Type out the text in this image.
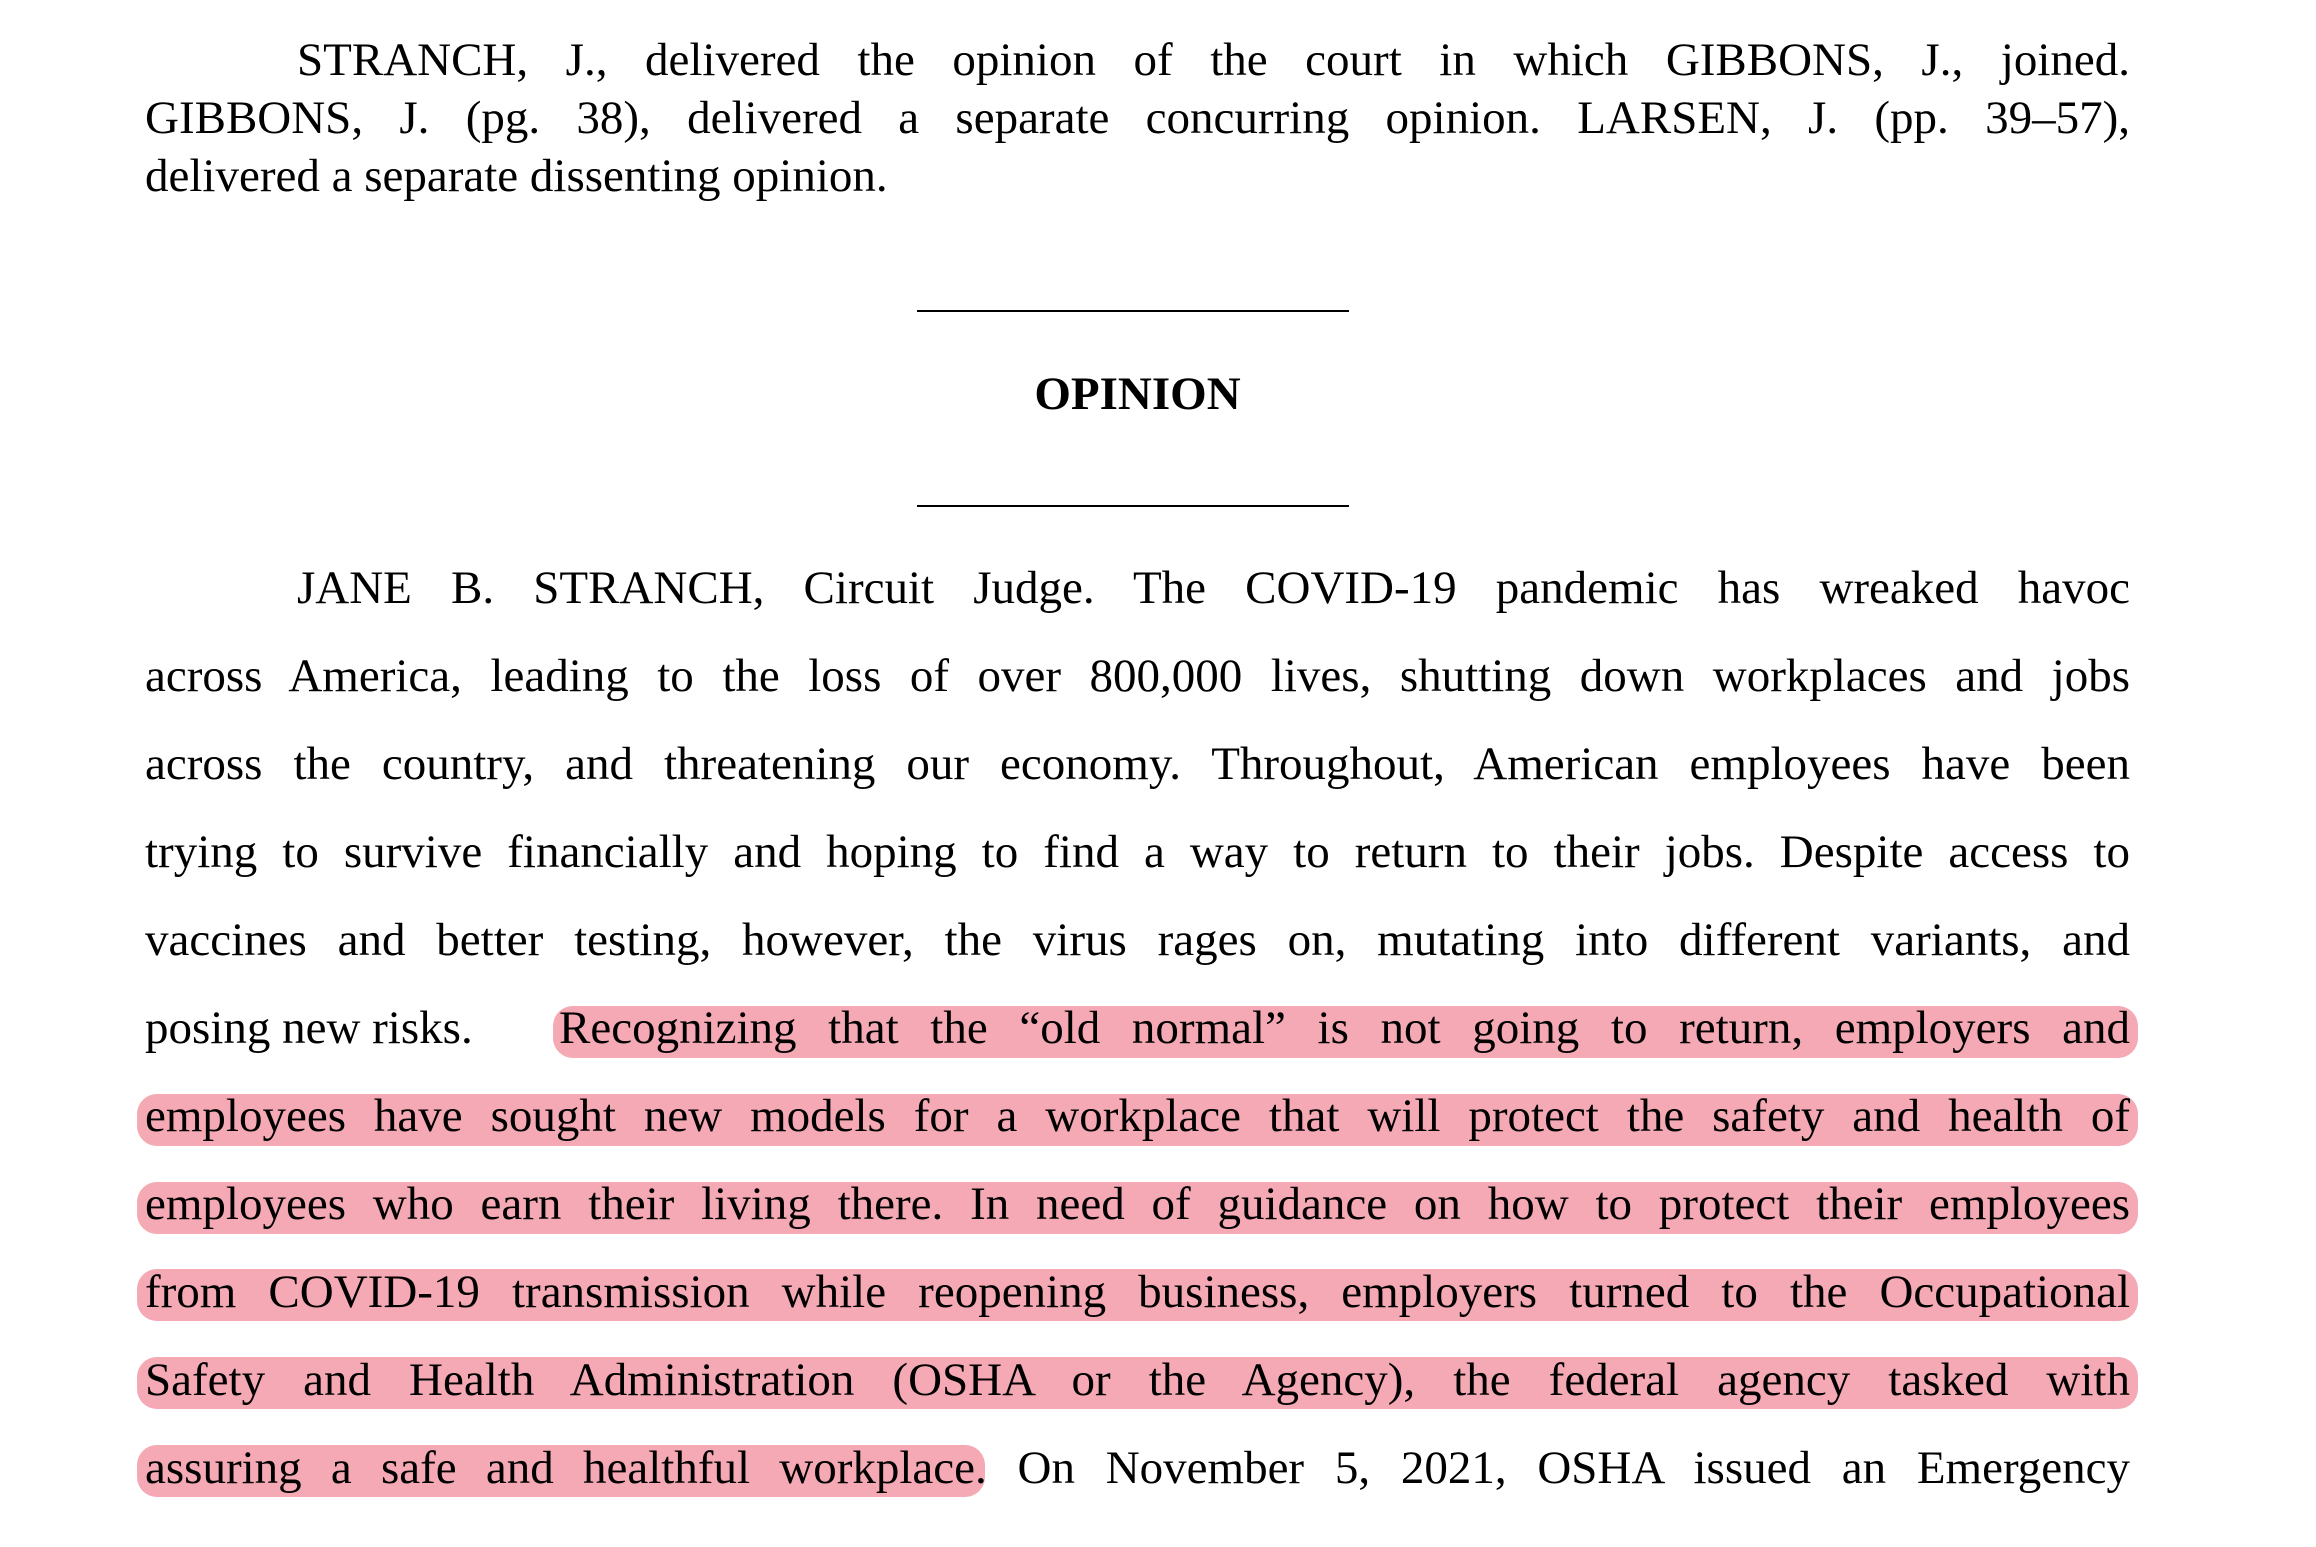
STRANCH, J., delivered the opinion of the court in which GIBBONS, J., joined.
GIBBONS, J. (pg. 38), delivered a separate concurring opinion. LARSEN, J. (pp. 39–57),
delivered a separate dissenting opinion.
OPINION
JANE B. STRANCH, Circuit Judge. The COVID-19 pandemic has wreaked havoc
across America, leading to the loss of over 800,000 lives, shutting down workplaces and jobs
across the country, and threatening our economy. Throughout, American employees have been
trying to survive financially and hoping to find a way to return to their jobs. Despite access to
vaccines and better testing, however, the virus rages on, mutating into different variants, and
posing new risks. Recognizing that the “old normal” is not going to return, employers and
employees have sought new models for a workplace that will protect the safety and health of
employees who earn their living there. In need of guidance on how to protect their employees
from COVID-19 transmission while reopening business, employers turned to the Occupational
Safety and Health Administration (OSHA or the Agency), the federal agency tasked with
assuring a safe and healthful workplace. On November 5, 2021, OSHA issued an Emergency
